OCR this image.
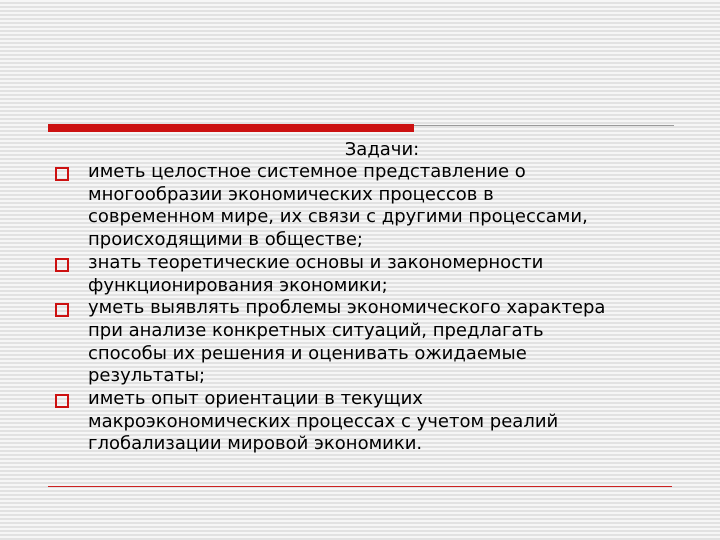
Задачи:
иметь целостное системное представление о
многообразии экономических процессов в
современном мире, их связи с другими процессами,
происходящими в обществе;
знать теоретические основы и закономерности
функционирования экономики;
уметь выявлять проблемы экономического характера
при анализе конкретных ситуаций, предлагать
способы их решения и оценивать ожидаемые
результаты;
иметь опыт ориентации в текущих
макроэкономических процессах с учетом реалий
глобализации мировой экономики.
